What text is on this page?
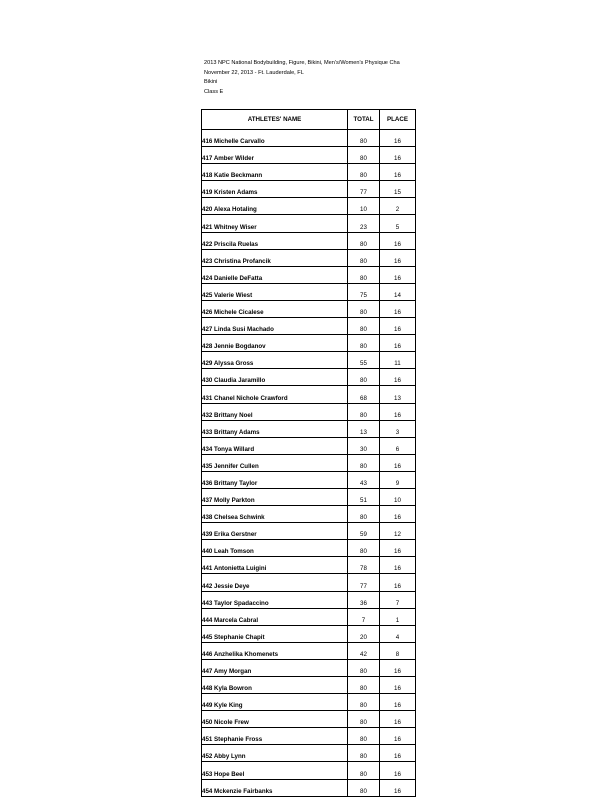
2013 NPC National Bodybuilding, Figure, Bikini, Men's/Women's Physique Cha
November 22, 2013 - Ft. Lauderdale, FL
Bikini
Class E
ATHLETES' NAME	TOTAL	PLACE
416 Michelle Carvallo	80	16
417 Amber Wilder	80	16
418 Katie Beckmann	80	16
419 Kristen Adams	77	15
420 Alexa Hotaling	10	2
421 Whitney Wiser	23	5
422 Priscila Ruelas	80	16
423 Christina Profancik	80	16
424 Danielle DeFatta	80	16
425 Valerie Wiest	75	14
426 Michele Cicalese	80	16
427 Linda Susi Machado	80	16
428 Jennie Bogdanov	80	16
429 Alyssa Gross	55	11
430 Claudia Jaramillo	80	16
431 Chanel Nichole Crawford	68	13
432 Brittany Noel	80	16
433 Brittany Adams	13	3
434 Tonya Willard	30	6
435 Jennifer Cullen	80	16
436 Brittany Taylor	43	9
437 Molly Parkton	51	10
438 Chelsea Schwink	80	16
439 Erika Gerstner	59	12
440 Leah Tomson	80	16
441 Antonietta Luigini	78	16
442 Jessie Deye	77	16
443 Taylor Spadaccino	36	7
444 Marcela Cabral	7	1
445 Stephanie Chapit	20	4
446 Anzhelika Khomenets	42	8
447 Amy Morgan	80	16
448 Kyla Bowron	80	16
449 Kyle King	80	16
450 Nicole Frew	80	16
451 Stephanie Fross	80	16
452 Abby Lynn	80	16
453 Hope Beel	80	16
454 Mckenzie Fairbanks	80	16
